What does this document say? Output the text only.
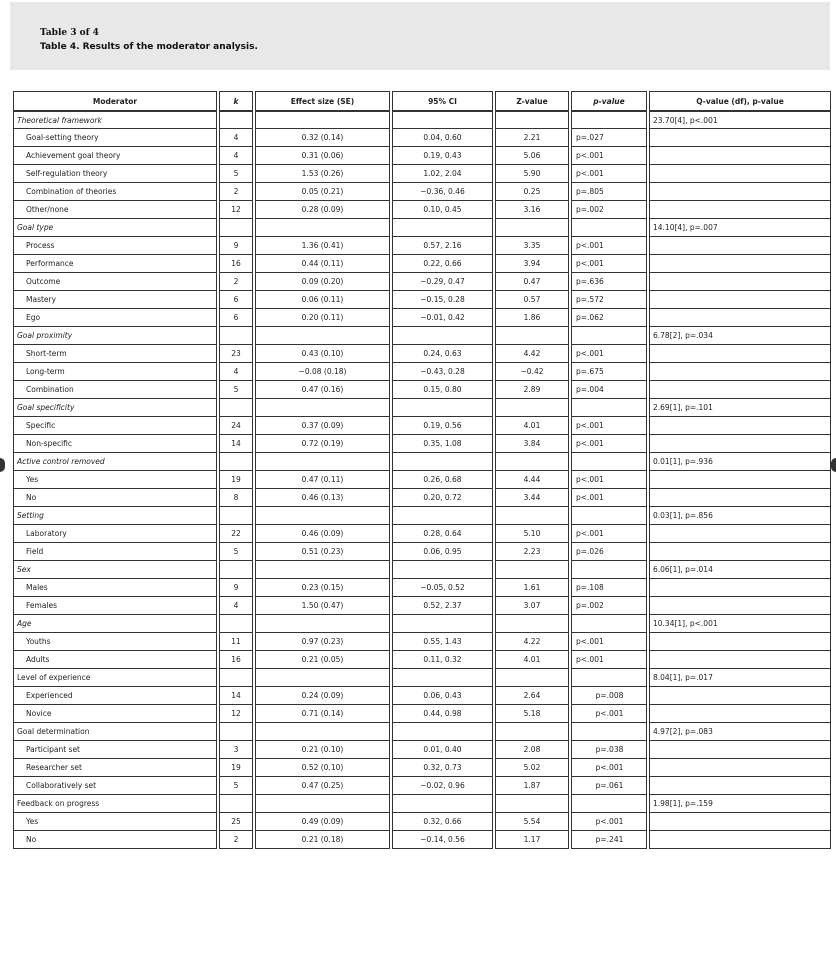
Table 3 of 4
Table 4. Results of the moderator analysis.
Moderator	k	Effect size (SE)	95% CI	Z-value	p-value	Q-value (df), p-value
Theoretical framework						23.70[4], p<.001
Goal-setting theory	4	0.32 (0.14)	0.04, 0.60	2.21	p=.027	
Achievement goal theory	4	0.31 (0.06)	0.19, 0.43	5.06	p<.001	
Self-regulation theory	5	1.53 (0.26)	1.02, 2.04	5.90	p<.001	
Combination of theories	2	0.05 (0.21)	−0.36, 0.46	0.25	p=.805	
Other/none	12	0.28 (0.09)	0.10, 0.45	3.16	p=.002	
Goal type						14.10[4], p=.007
Process	9	1.36 (0.41)	0.57, 2.16	3.35	p<.001	
Performance	16	0.44 (0.11)	0.22, 0.66	3.94	p<.001	
Outcome	2	0.09 (0.20)	−0.29, 0.47	0.47	p=.636	
Mastery	6	0.06 (0.11)	−0.15, 0.28	0.57	p=.572	
Ego	6	0.20 (0.11)	−0.01, 0.42	1.86	p=.062	
Goal proximity						6.78[2], p=.034
Short-term	23	0.43 (0.10)	0.24, 0.63	4.42	p<.001	
Long-term	4	−0.08 (0.18)	−0.43, 0.28	−0.42	p=.675	
Combination	5	0.47 (0.16)	0.15, 0.80	2.89	p=.004	
Goal specificity						2.69[1], p=.101
Specific	24	0.37 (0.09)	0.19, 0.56	4.01	p<.001	
Non-specific	14	0.72 (0.19)	0.35, 1.08	3.84	p<.001	
Active control removed						0.01[1], p=.936
Yes	19	0.47 (0.11)	0.26, 0.68	4.44	p<.001	
No	8	0.46 (0.13)	0.20, 0.72	3.44	p<.001	
Setting						0.03[1], p=.856
Laboratory	22	0.46 (0.09)	0.28, 0.64	5.10	p<.001	
Field	5	0.51 (0.23)	0.06, 0.95	2.23	p=.026	
Sex						6.06[1], p=.014
Males	9	0.23 (0.15)	−0.05, 0.52	1.61	p=.108	
Females	4	1.50 (0.47)	0.52, 2.37	3.07	p=.002	
Age						10.34[1], p<.001
Youths	11	0.97 (0.23)	0.55, 1.43	4.22	p<.001	
Adults	16	0.21 (0.05)	0.11, 0.32	4.01	p<.001	
Level of experience						8.04[1], p=.017
Experienced	14	0.24 (0.09)	0.06, 0.43	2.64	p=.008	
Novice	12	0.71 (0.14)	0.44, 0.98	5.18	p<.001	
Goal determination						4.97[2], p=.083
Participant set	3	0.21 (0.10)	0.01, 0.40	2.08	p=.038	
Researcher set	19	0.52 (0.10)	0.32, 0.73	5.02	p<.001	
Collaboratively set	5	0.47 (0.25)	−0.02, 0.96	1.87	p=.061	
Feedback on progress						1.98[1], p=.159
Yes	25	0.49 (0.09)	0.32, 0.66	5.54	p<.001	
No	2	0.21 (0.18)	−0.14, 0.56	1.17	p=.241	
